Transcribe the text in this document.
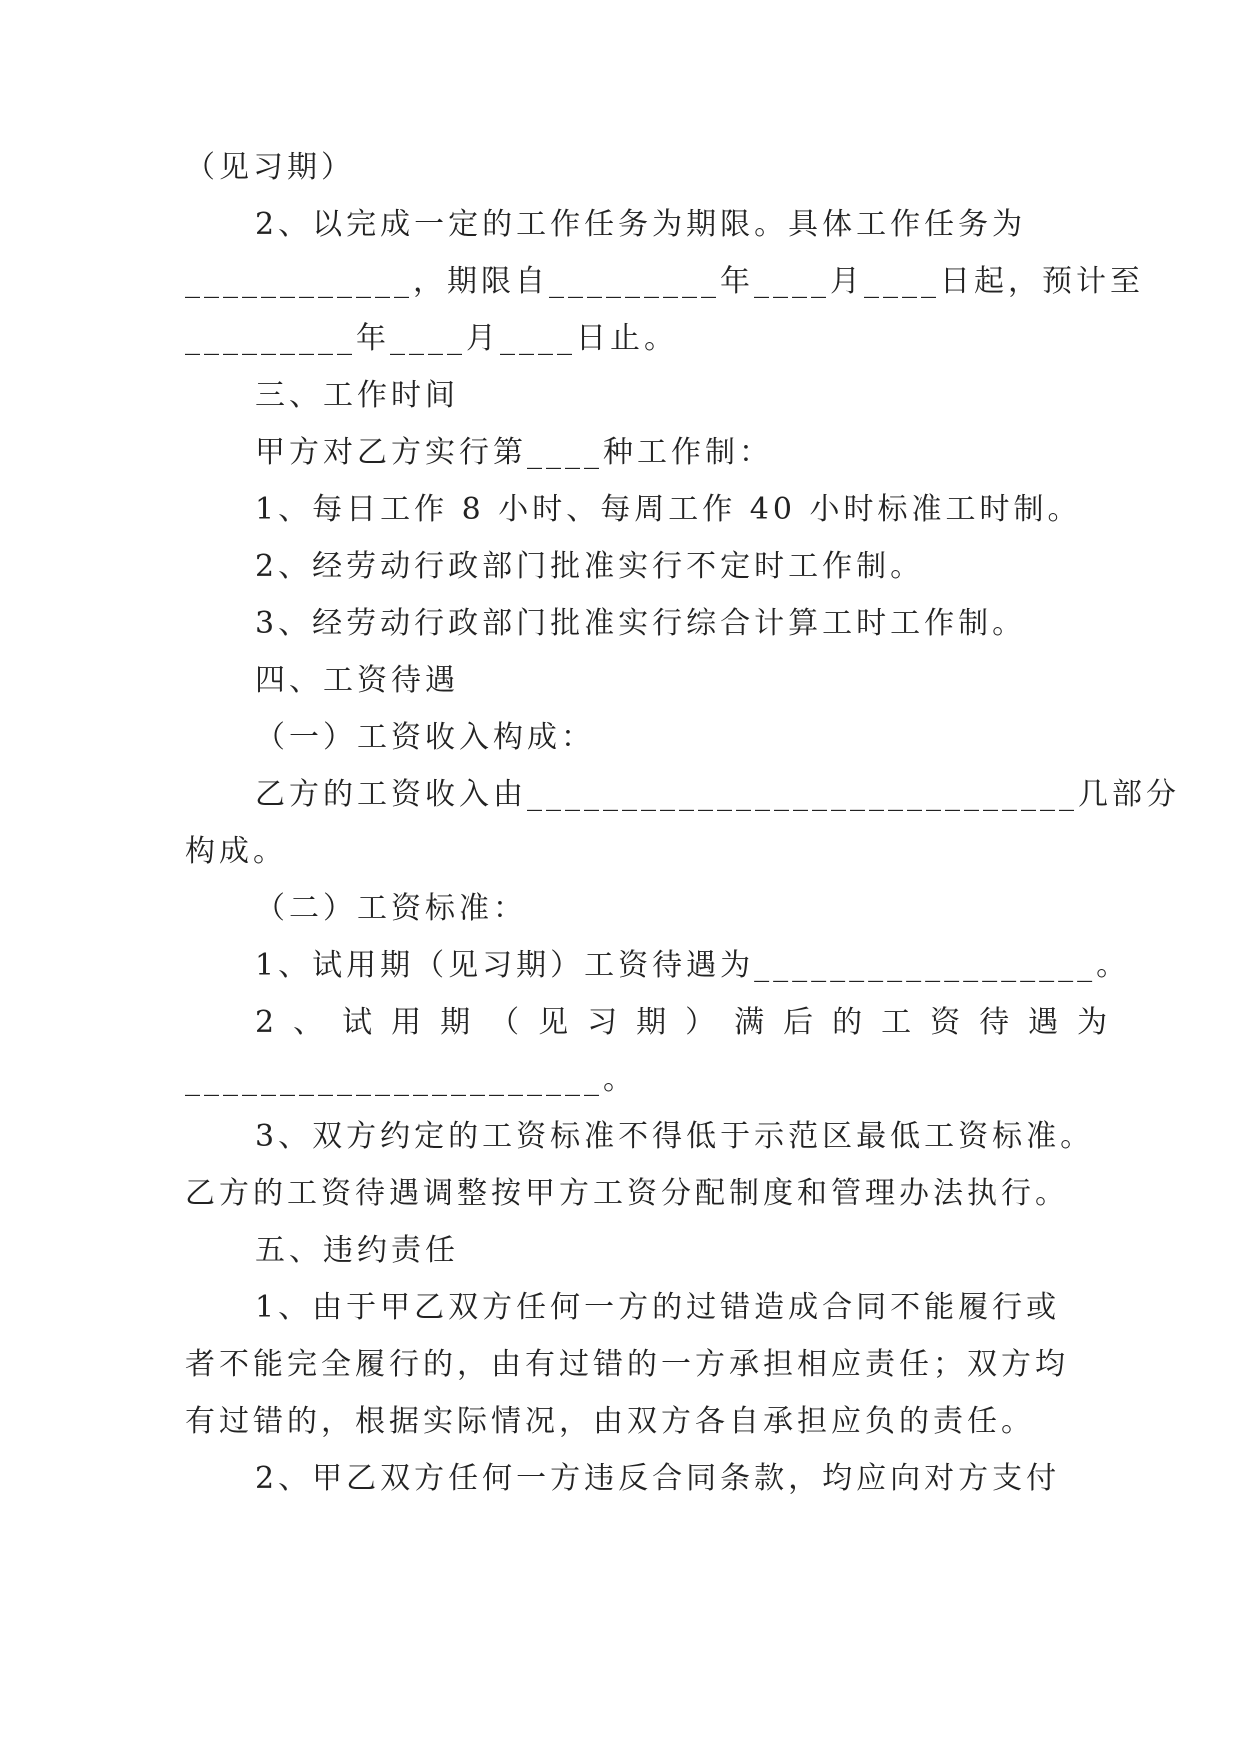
（见习期）

2、以完成一定的工作任务为期限。具体工作任务为

____________，期限自_________年____月____日起，预计至

_________年____月____日止。

三、工作时间

甲方对乙方实行第____种工作制：

1、每日工作 8 小时、每周工作 40 小时标准工时制。

2、经劳动行政部门批准实行不定时工作制。

3、经劳动行政部门批准实行综合计算工时工作制。

四、工资待遇

（一）工资收入构成：

乙方的工资收入由_____________________________几部分

构成。

（二）工资标准：

1、试用期（见习期）工资待遇为__________________。

2、试用期（见习期）满后的工资待遇为

______________________。

3、双方约定的工资标准不得低于示范区最低工资标准。

乙方的工资待遇调整按甲方工资分配制度和管理办法执行。

五、违约责任

1、由于甲乙双方任何一方的过错造成合同不能履行或

者不能完全履行的，由有过错的一方承担相应责任；双方均

有过错的，根据实际情况，由双方各自承担应负的责任。

2、甲乙双方任何一方违反合同条款，均应向对方支付
